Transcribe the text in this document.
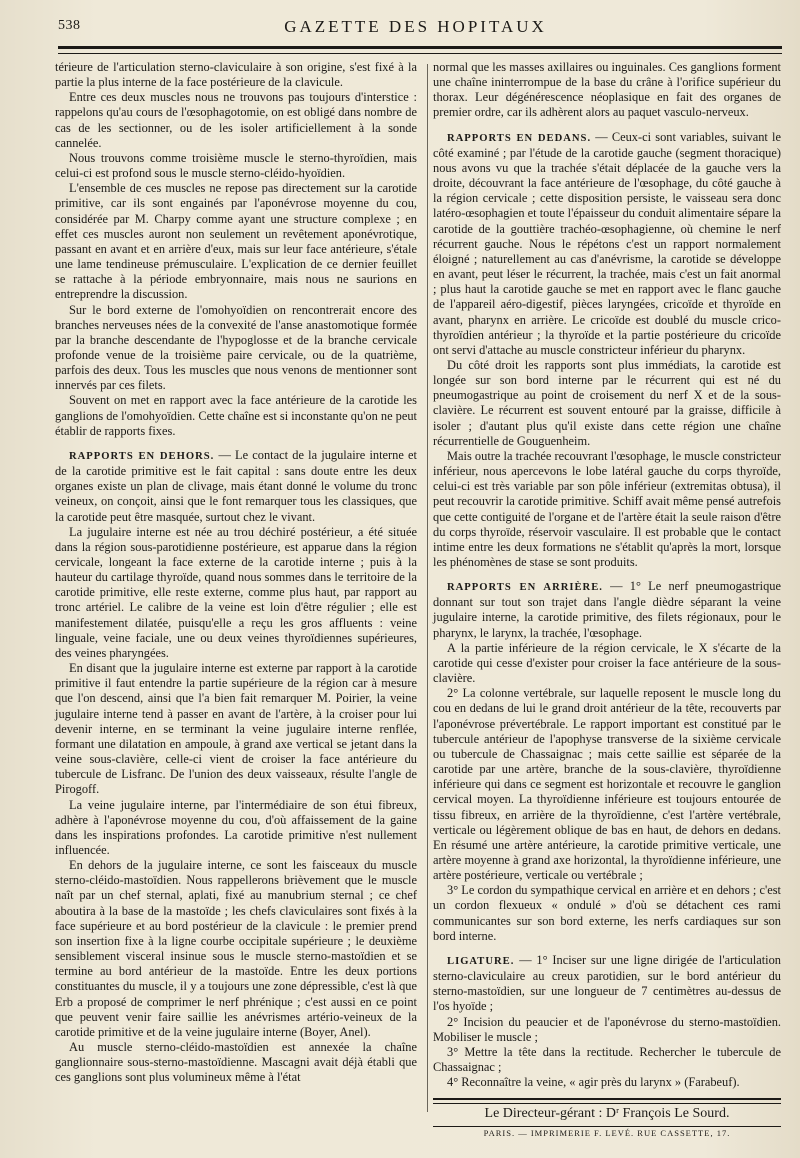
538	GAZETTE DES HOPITAUX

térieure de l'articulation sterno-claviculaire à son origine, s'est fixé à la partie la plus interne de la face postérieure de la clavicule.

Entre ces deux muscles nous ne trouvons pas toujours d'interstice : rappelons qu'au cours de l'œsophagotomie, on est obligé dans nombre de cas de les sectionner, ou de les isoler artificiellement à la sonde cannelée.

Nous trouvons comme troisième muscle le sterno-thyroïdien, mais celui-ci est profond sous le muscle sterno-cléido-hyoïdien.

L'ensemble de ces muscles ne repose pas directement sur la carotide primitive, car ils sont engainés par l'aponévrose moyenne du cou, considérée par M. Charpy comme ayant une structure complexe ; en effet ces muscles auront non seulement un revêtement aponévrotique, passant en avant et en arrière d'eux, mais sur leur face antérieure, s'étale une lame tendineuse prémusculaire. L'explication de ce dernier feuillet se rattache à la période embryonnaire, mais nous ne saurions en entreprendre la discussion.

Sur le bord externe de l'omohyoïdien on rencontrerait encore des branches nerveuses nées de la convexité de l'anse anastomotique formée par la branche descendante de l'hypoglosse et de la branche cervicale profonde venue de la troisième paire cervicale, ou de la quatrième, parfois des deux. Tous les muscles que nous venons de mentionner sont innervés par ces filets.

Souvent on met en rapport avec la face antérieure de la carotide les ganglions de l'omohyoïdien. Cette chaîne est si inconstante qu'on ne peut établir de rapports fixes.

RAPPORTS EN DEHORS. — Le contact de la jugulaire interne et de la carotide primitive est le fait capital : sans doute entre les deux organes existe un plan de clivage, mais étant donné le volume du tronc veineux, on conçoit, ainsi que le font remarquer tous les classiques, que la carotide peut être masquée, surtout chez le vivant.

La jugulaire interne est née au trou déchiré postérieur, a été située dans la région sous-parotidienne postérieure, est apparue dans la région cervicale, longeant la face externe de la carotide interne ; puis à la hauteur du cartilage thyroïde, quand nous sommes dans le territoire de la carotide primitive, elle reste externe, comme plus haut, par rapport au tronc artériel. Le calibre de la veine est loin d'être régulier ; elle est manifestement dilatée, puisqu'elle a reçu les gros affluents : veine linguale, veine faciale, une ou deux veines thyroïdiennes supérieures, des veines pharyngées.

En disant que la jugulaire interne est externe par rapport à la carotide primitive il faut entendre la partie supérieure de la région car à mesure que l'on descend, ainsi que l'a bien fait remarquer M. Poirier, la veine jugulaire interne tend à passer en avant de l'artère, à la croiser pour lui devenir interne, en se terminant la veine jugulaire interne renflée, formant une dilatation en ampoule, à grand axe vertical se jetant dans la veine sous-clavière, celle-ci vient de croiser la face antérieure du tubercule de Lisfranc. De l'union des deux vaisseaux, résulte l'angle de Pirogoff.

La veine jugulaire interne, par l'intermédiaire de son étui fibreux, adhère à l'aponévrose moyenne du cou, d'où affaissement de la gaine dans les inspirations profondes. La carotide primitive n'est nullement influencée.

En dehors de la jugulaire interne, ce sont les faisceaux du muscle sterno-cléido-mastoïdien. Nous rappellerons brièvement que le muscle naît par un chef sternal, aplati, fixé au manubrium sternal ; ce chef aboutira à la base de la mastoïde ; les chefs claviculaires sont fixés à la face supérieure et au bord postérieur de la clavicule : le premier prend son insertion fixe à la ligne courbe occipitale supérieure ; le deuxième sensiblement visceral insinue sous le muscle sterno-mastoïdien et se termine au bord antérieur de la mastoïde. Entre les deux portions constituantes du muscle, il y a toujours une zone dépressible, c'est là que Erb a proposé de comprimer le nerf phrénique ; c'est aussi en ce point que peuvent venir faire saillie les anévrismes artério-veineux de la carotide primitive et de la veine jugulaire interne (Boyer, Anel).

Au muscle sterno-cléido-mastoïdien est annexée la chaîne ganglionnaire sous-sterno-mastoïdienne. Mascagni avait déjà établi que ces ganglions sont plus volumineux même à l'état

normal que les masses axillaires ou inguinales. Ces ganglions forment une chaîne ininterrompue de la base du crâne à l'orifice supérieur du thorax. Leur dégénérescence néoplasique en fait des organes de premier ordre, car ils adhèrent alors au paquet vasculo-nerveux.

RAPPORTS EN DEDANS. — Ceux-ci sont variables, suivant le côté examiné ; par l'étude de la carotide gauche (segment thoracique) nous avons vu que la trachée s'était déplacée de la gauche vers la droite, découvrant la face antérieure de l'œsophage, du côté gauche à la région cervicale ; cette disposition persiste, le vaisseau sera donc latéro-œsophagien et toute l'épaisseur du conduit alimentaire sépare la carotide de la gouttière trachéo-œsophagienne, où chemine le nerf récurrent gauche. Nous le répétons c'est un rapport normalement éloigné ; naturellement au cas d'anévrisme, la carotide se développe en avant, peut léser le récurrent, la trachée, mais c'est un fait anormal ; plus haut la carotide gauche se met en rapport avec le flanc gauche de l'appareil aéro-digestif, pièces laryngées, cricoïde et thyroïde en avant, pharynx en arrière. Le cricoïde est doublé du muscle crico-thyroïdien antérieur ; la thyroïde et la partie postérieure du cricoïde ont servi d'attache au muscle constricteur inférieur du pharynx.

Du côté droit les rapports sont plus immédiats, la carotide est longée sur son bord interne par le récurrent qui est né du pneumogastrique au point de croisement du nerf X et de la sous-clavière. Le récurrent est souvent entouré par la graisse, difficile à isoler ; d'autant plus qu'il existe dans cette région une chaîne récurrentielle de Gouguenheim.

Mais outre la trachée recouvrant l'œsophage, le muscle constricteur inférieur, nous apercevons le lobe latéral gauche du corps thyroïde, celui-ci est très variable par son pôle inférieur (extremitas obtusa), il peut recouvrir la carotide primitive. Schiff avait même pensé autrefois que cette contiguité de l'organe et de l'artère était la seule raison d'être du corps thyroïde, réservoir vasculaire. Il est probable que le contact intime entre les deux formations ne s'établit qu'après la mort, lorsque les phénomènes de stase se sont produits.

RAPPORTS EN ARRIÈRE. — 1° Le nerf pneumogastrique donnant sur tout son trajet dans l'angle dièdre séparant la veine jugulaire interne, la carotide primitive, des filets régionaux, pour le pharynx, le larynx, la trachée, l'œsophage.

A la partie inférieure de la région cervicale, le X s'écarte de la carotide qui cesse d'exister pour croiser la face antérieure de la sous-clavière.

2° La colonne vertébrale, sur laquelle reposent le muscle long du cou en dedans de lui le grand droit antérieur de la tête, recouverts par l'aponévrose prévertébrale. Le rapport important est constitué par le tubercule antérieur de l'apophyse transverse de la sixième cervicale ou tubercule de Chassaignac ; mais cette saillie est séparée de la carotide par une artère, branche de la sous-clavière, thyroïdienne inférieure qui dans ce segment est horizontale et recouvre le ganglion cervical moyen. La thyroïdienne inférieure est toujours entourée de tissu fibreux, en arrière de la thyroïdienne, c'est l'artère vertébrale, verticale ou légèrement oblique de bas en haut, de dehors en dedans. En résumé une artère antérieure, la carotide primitive verticale, une artère moyenne à grand axe horizontal, la thyroïdienne inférieure, une artère postérieure, verticale ou vertébrale ;

3° Le cordon du sympathique cervical en arrière et en dehors ; c'est un cordon flexueux « ondulé » d'où se détachent ces rami communicantes sur son bord externe, les nerfs cardiaques sur son bord interne.

LIGATURE. — 1° Inciser sur une ligne dirigée de l'articulation sterno-claviculaire au creux parotidien, sur le bord antérieur du sterno-mastoïdien, sur une longueur de 7 centimètres au-dessus de l'os hyoïde ;

2° Incision du peaucier et de l'aponévrose du sterno-mastoïdien. Mobiliser le muscle ;

3° Mettre la tête dans la rectitude. Rechercher le tubercule de Chassaignac ;

4° Reconnaître la veine, « agir près du larynx » (Farabeuf).

Le Directeur-gérant : Dʳ François Le Sourd.
PARIS. — IMPRIMERIE F. LEVÉ. RUE CASSETTE, 17.
